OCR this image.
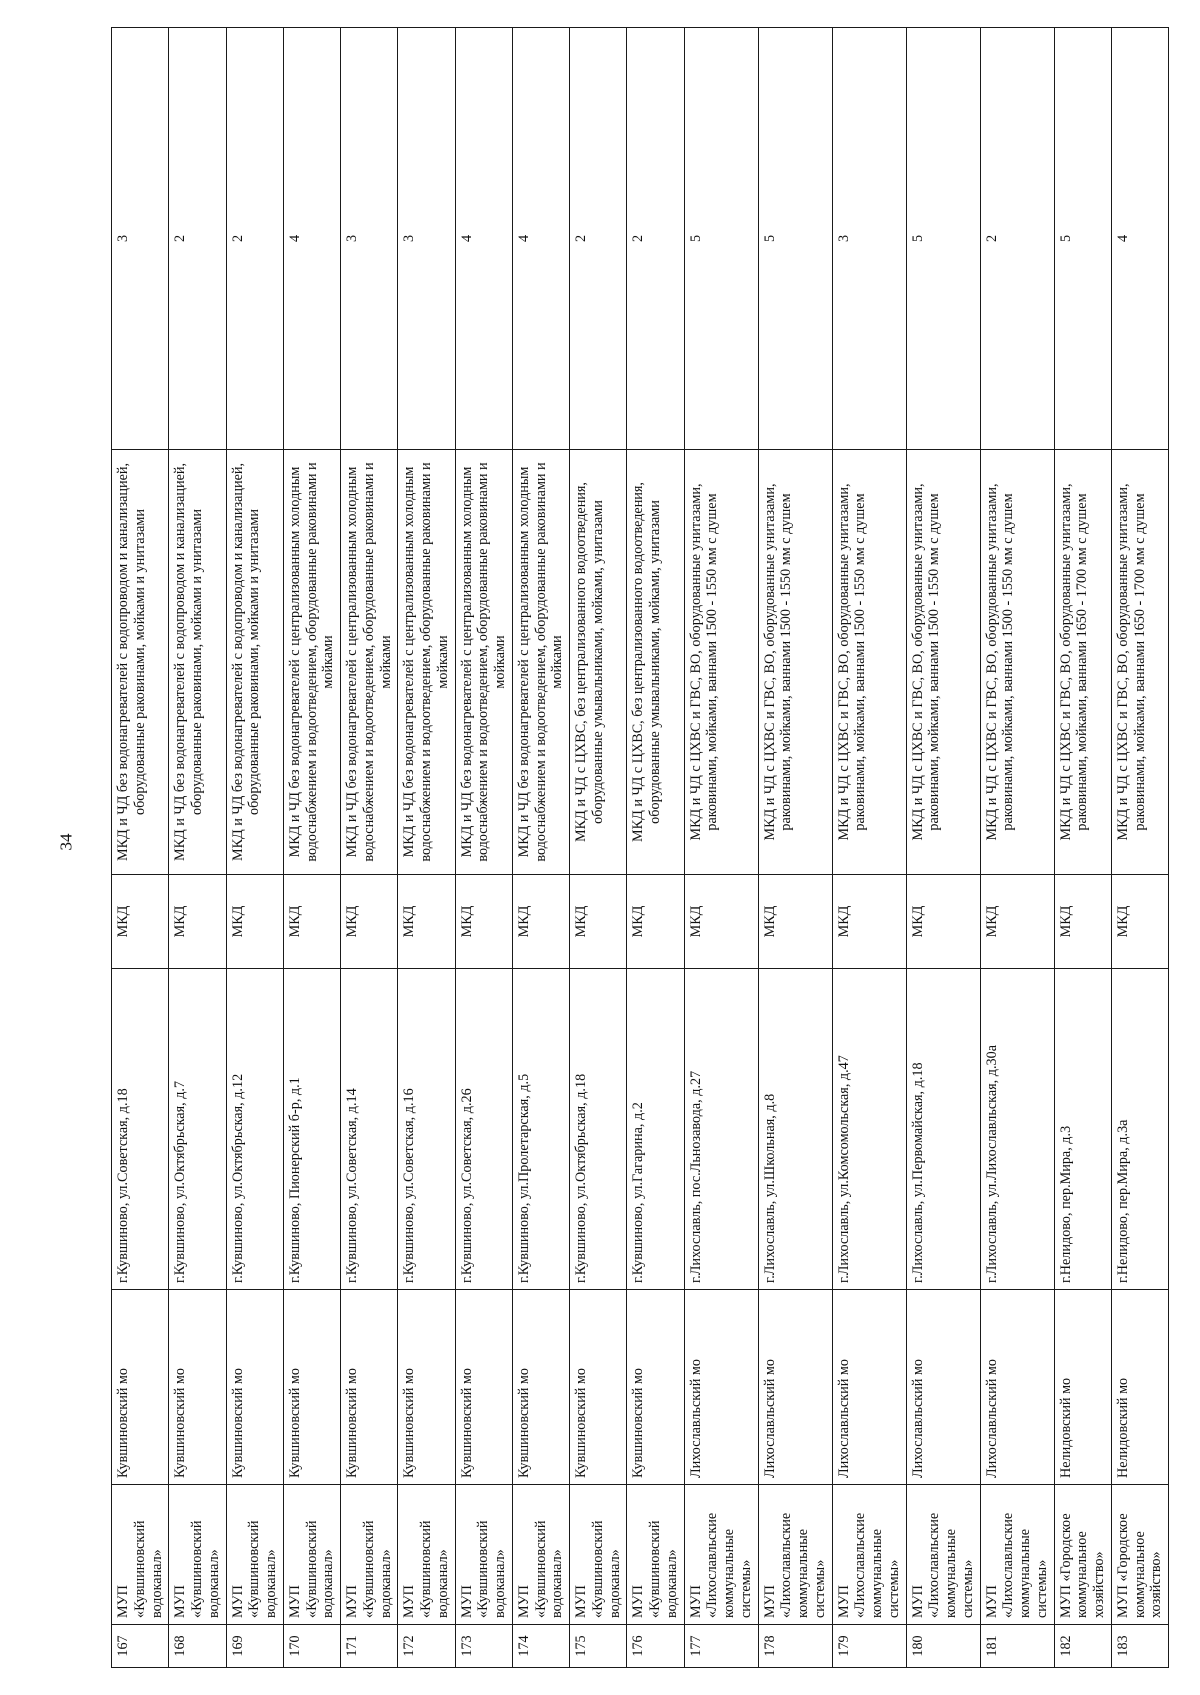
34
167	МУП «Кувшиновский водоканал»	Кувшиновский мо	г.Кувшиново, ул.Советская, д.18	МКД	МКД и ЧД без водонагревателей с водопроводом и канализацией, оборудованные раковинами, мойками и унитазами	3
168	МУП «Кувшиновский водоканал»	Кувшиновский мо	г.Кувшиново, ул.Октябрьская, д.7	МКД	МКД и ЧД без водонагревателей с водопроводом и канализацией, оборудованные раковинами, мойками и унитазами	2
169	МУП «Кувшиновский водоканал»	Кувшиновский мо	г.Кувшиново, ул.Октябрьская, д.12	МКД	МКД и ЧД без водонагревателей с водопроводом и канализацией, оборудованные раковинами, мойками и унитазами	2
170	МУП «Кувшиновский водоканал»	Кувшиновский мо	г.Кувшиново, Пионерский б-р, д.1	МКД	МКД и ЧД без водонагревателей с централизованным холодным водоснабжением и водоотведением, оборудованные раковинами и мойками	4
171	МУП «Кувшиновский водоканал»	Кувшиновский мо	г.Кувшиново, ул.Советская, д.14	МКД	МКД и ЧД без водонагревателей с централизованным холодным водоснабжением и водоотведением, оборудованные раковинами и мойками	3
172	МУП «Кувшиновский водоканал»	Кувшиновский мо	г.Кувшиново, ул.Советская, д.16	МКД	МКД и ЧД без водонагревателей с централизованным холодным водоснабжением и водоотведением, оборудованные раковинами и мойками	3
173	МУП «Кувшиновский водоканал»	Кувшиновский мо	г.Кувшиново, ул.Советская, д.26	МКД	МКД и ЧД без водонагревателей с централизованным холодным водоснабжением и водоотведением, оборудованные раковинами и мойками	4
174	МУП «Кувшиновский водоканал»	Кувшиновский мо	г.Кувшиново, ул.Пролетарская, д.5	МКД	МКД и ЧД без водонагревателей с централизованным холодным водоснабжением и водоотведением, оборудованные раковинами и мойками	4
175	МУП «Кувшиновский водоканал»	Кувшиновский мо	г.Кувшиново, ул.Октябрьская, д.18	МКД	МКД и ЧД с ЦХВС, без централизованного водоотведения, оборудованные умывальниками, мойками, унитазами	2
176	МУП «Кувшиновский водоканал»	Кувшиновский мо	г.Кувшиново, ул.Гагарина, д.2	МКД	МКД и ЧД с ЦХВС, без централизованного водоотведения, оборудованные умывальниками, мойками, унитазами	2
177	МУП «Лихославльские коммунальные системы»	Лихославльский мо	г.Лихославль, пос.Льнозавода, д.27	МКД	МКД и ЧД с ЦХВС и ГВС, ВО, оборудованные унитазами, раковинами, мойками, ваннами 1500 - 1550 мм с душем	5
178	МУП «Лихославльские коммунальные системы»	Лихославльский мо	г.Лихославль, ул.Школьная, д.8	МКД	МКД и ЧД с ЦХВС и ГВС, ВО, оборудованные унитазами, раковинами, мойками, ваннами 1500 - 1550 мм с душем	5
179	МУП «Лихославльские коммунальные системы»	Лихославльский мо	г.Лихославль, ул.Комсомольская, д.47	МКД	МКД и ЧД с ЦХВС и ГВС, ВО, оборудованные унитазами, раковинами, мойками, ваннами 1500 - 1550 мм с душем	3
180	МУП «Лихославльские коммунальные системы»	Лихославльский мо	г.Лихославль, ул.Первомайская, д.18	МКД	МКД и ЧД с ЦХВС и ГВС, ВО, оборудованные унитазами, раковинами, мойками, ваннами 1500 - 1550 мм с душем	5
181	МУП «Лихославльские коммунальные системы»	Лихославльский мо	г.Лихославль, ул.Лихославльская, д.30а	МКД	МКД и ЧД с ЦХВС и ГВС, ВО, оборудованные унитазами, раковинами, мойками, ваннами 1500 - 1550 мм с душем	2
182	МУП «Городское коммунальное хозяйство»	Нелидовский мо	г.Нелидово, пер.Мира, д.3	МКД	МКД и ЧД с ЦХВС и ГВС, ВО, оборудованные унитазами, раковинами, мойками, ваннами 1650 - 1700 мм с душем	5
183	МУП «Городское коммунальное хозяйство»	Нелидовский мо	г.Нелидово, пер.Мира, д.3а	МКД	МКД и ЧД с ЦХВС и ГВС, ВО, оборудованные унитазами, раковинами, мойками, ваннами 1650 - 1700 мм с душем	4
